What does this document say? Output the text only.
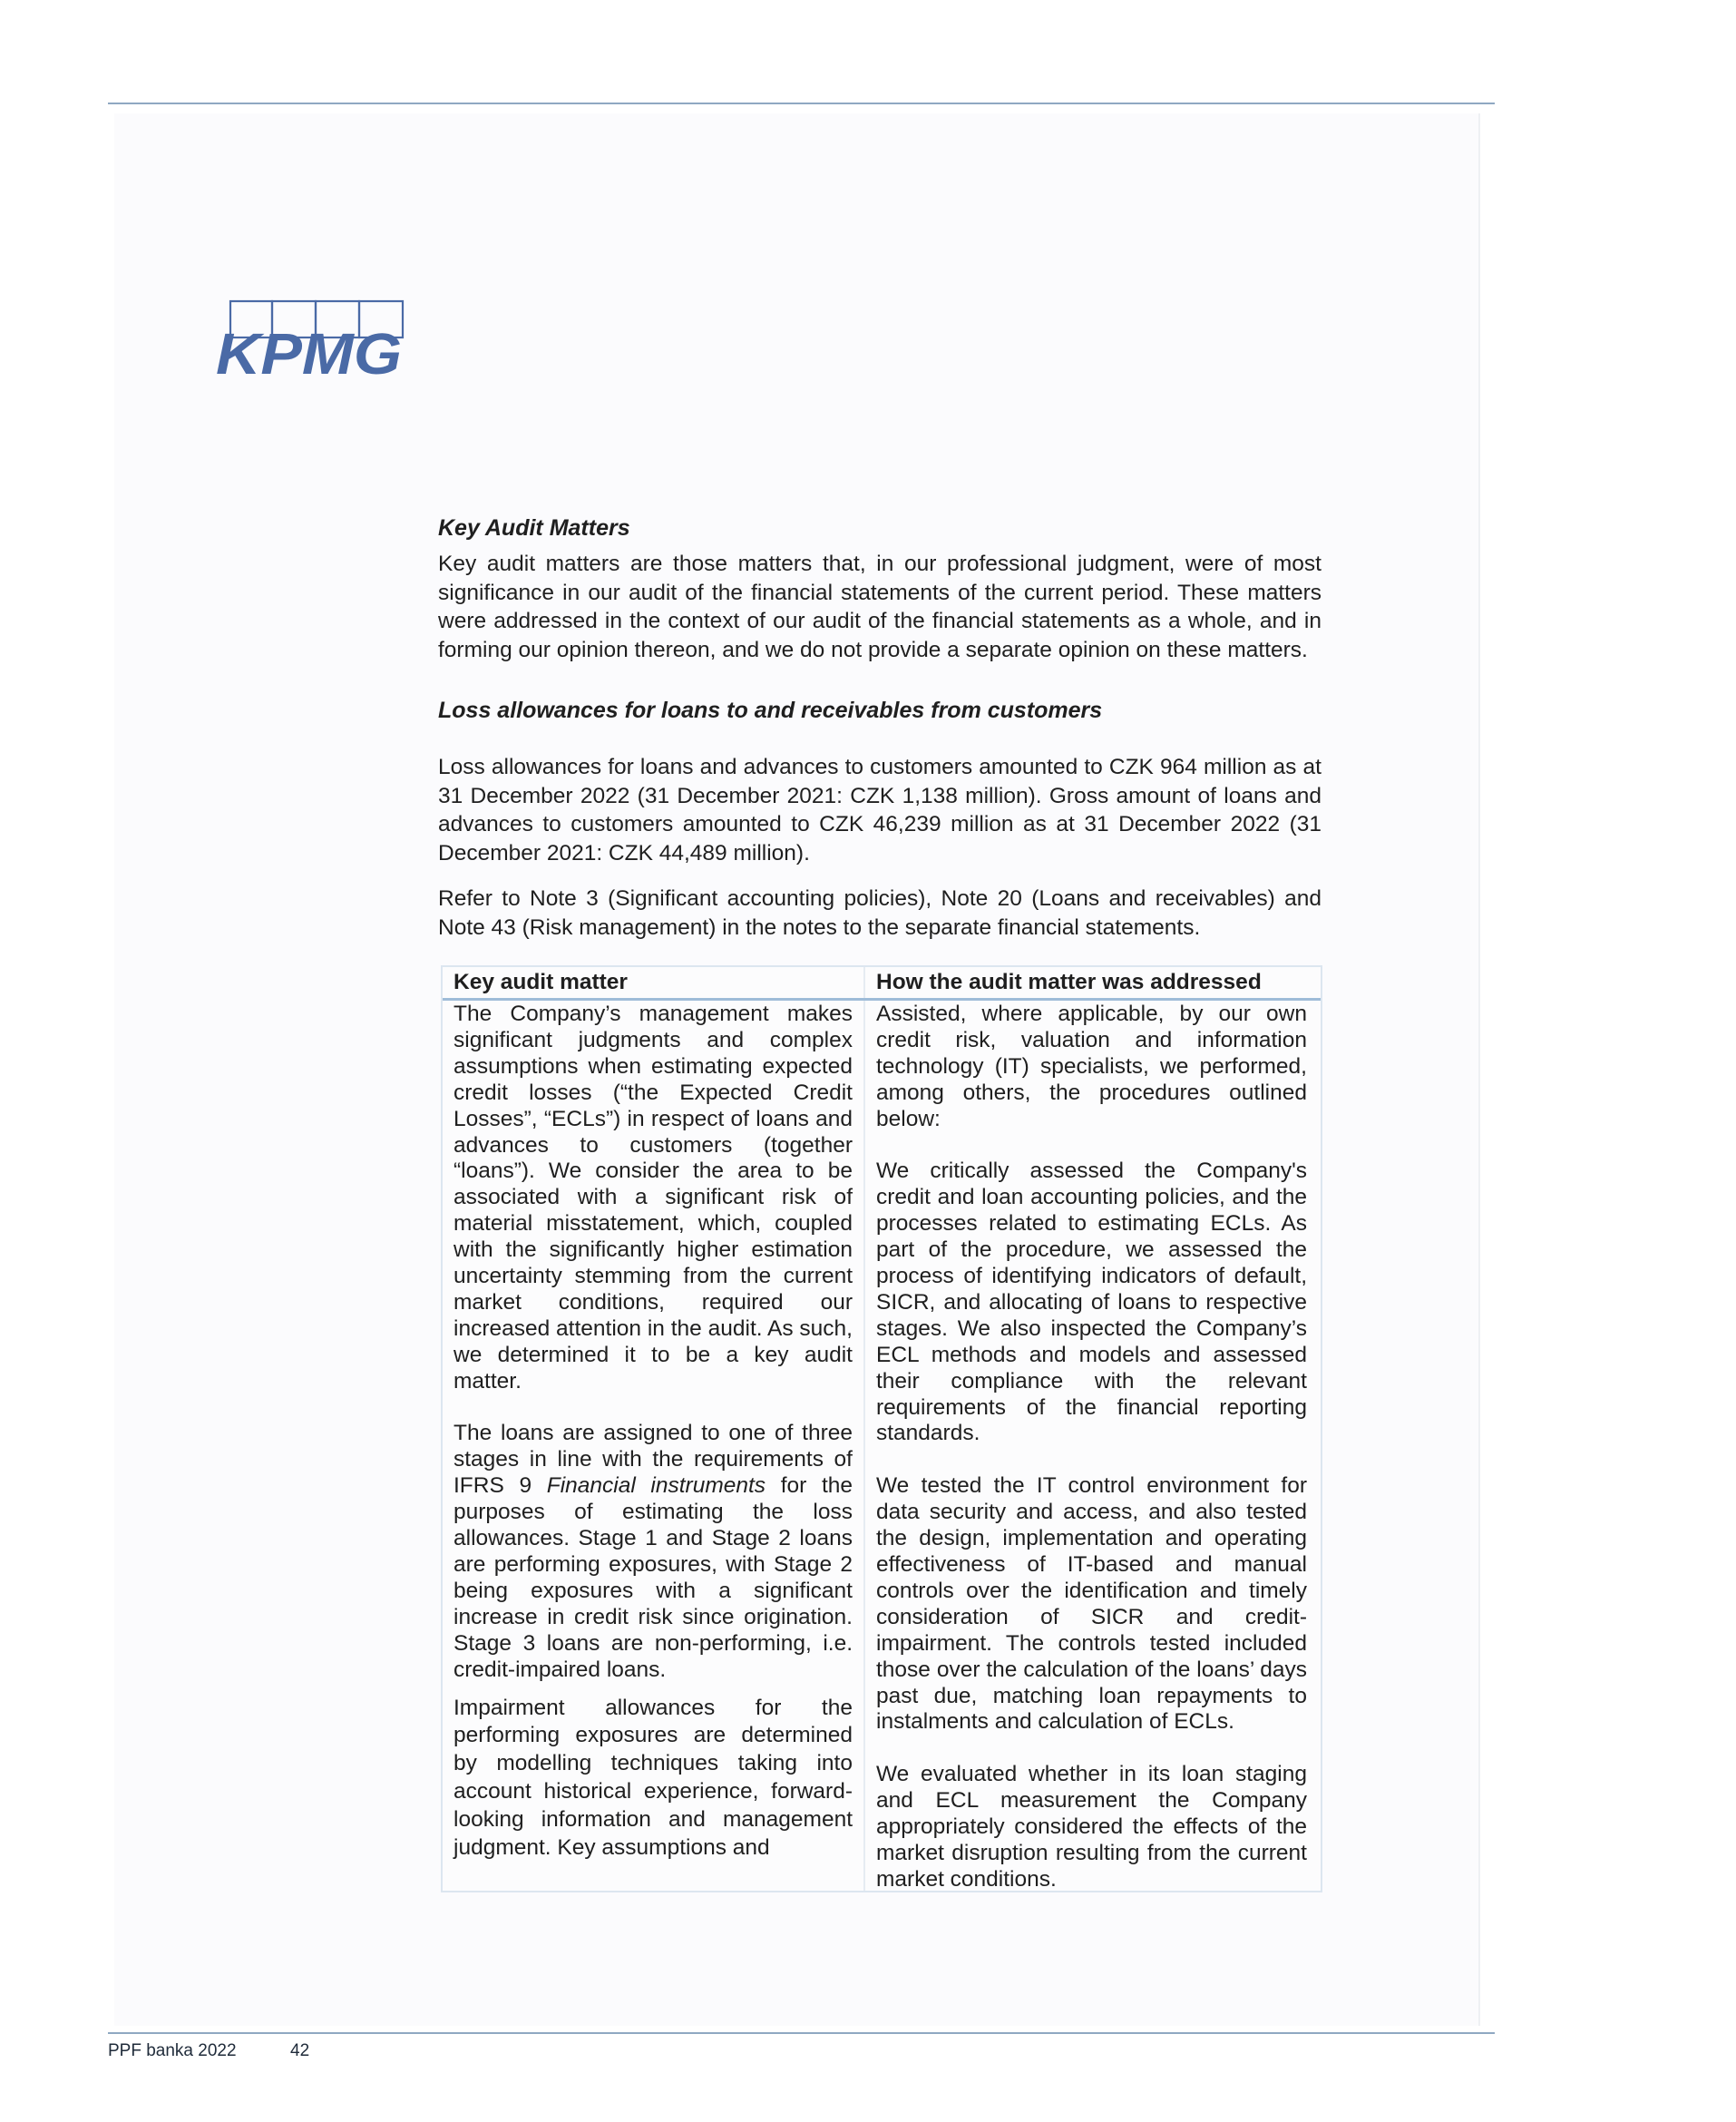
KPMG
Key Audit Matters

Key audit matters are those matters that, in our professional judgment, were of most significance in our audit of the financial statements of the current period. These matters were addressed in the context of our audit of the financial statements as a whole, and in forming our opinion thereon, and we do not provide a separate opinion on these matters.

Loss allowances for loans to and receivables from customers

Loss allowances for loans and advances to customers amounted to CZK 964 million as at 31 December 2022 (31 December 2021: CZK 1,138 million). Gross amount of loans and advances to customers amounted to CZK 46,239 million as at 31 December 2022 (31 December 2021: CZK 44,489 million).

Refer to Note 3 (Significant accounting policies), Note 20 (Loans and receivables) and Note 43 (Risk management) in the notes to the separate financial statements.

Key audit matter	How the audit matter was addressed

The Company’s management makes significant judgments and complex assumptions when estimating expected credit losses (“the Expected Credit Losses”, “ECLs”) in respect of loans and advances to customers (together “loans”). We consider the area to be associated with a significant risk of material misstatement, which, coupled with the significantly higher estimation uncertainty stemming from the current market conditions, required our increased attention in the audit. As such, we determined it to be a key audit matter.

The loans are assigned to one of three stages in line with the requirements of IFRS 9 Financial instruments for the purposes of estimating the loss allowances. Stage 1 and Stage 2 loans are performing exposures, with Stage 2 being exposures with a significant increase in credit risk since origination. Stage 3 loans are non-performing, i.e. credit-impaired loans.

Impairment allowances for the performing exposures are determined by modelling techniques taking into account historical experience, forward-looking information and management judgment. Key assumptions and

Assisted, where applicable, by our own credit risk, valuation and information technology (IT) specialists, we performed, among others, the procedures outlined below:

We critically assessed the Company's credit and loan accounting policies, and the processes related to estimating ECLs. As part of the procedure, we assessed the process of identifying indicators of default, SICR, and allocating of loans to respective stages. We also inspected the Company’s ECL methods and models and assessed their compliance with the relevant requirements of the financial reporting standards.

We tested the IT control environment for data security and access, and also tested the design, implementation and operating effectiveness of IT-based and manual controls over the identification and timely consideration of SICR and credit-impairment. The controls tested included those over the calculation of the loans’ days past due, matching loan repayments to instalments and calculation of ECLs.

We evaluated whether in its loan staging and ECL measurement the Company appropriately considered the effects of the market disruption resulting from the current market conditions.

PPF banka 2022	42
